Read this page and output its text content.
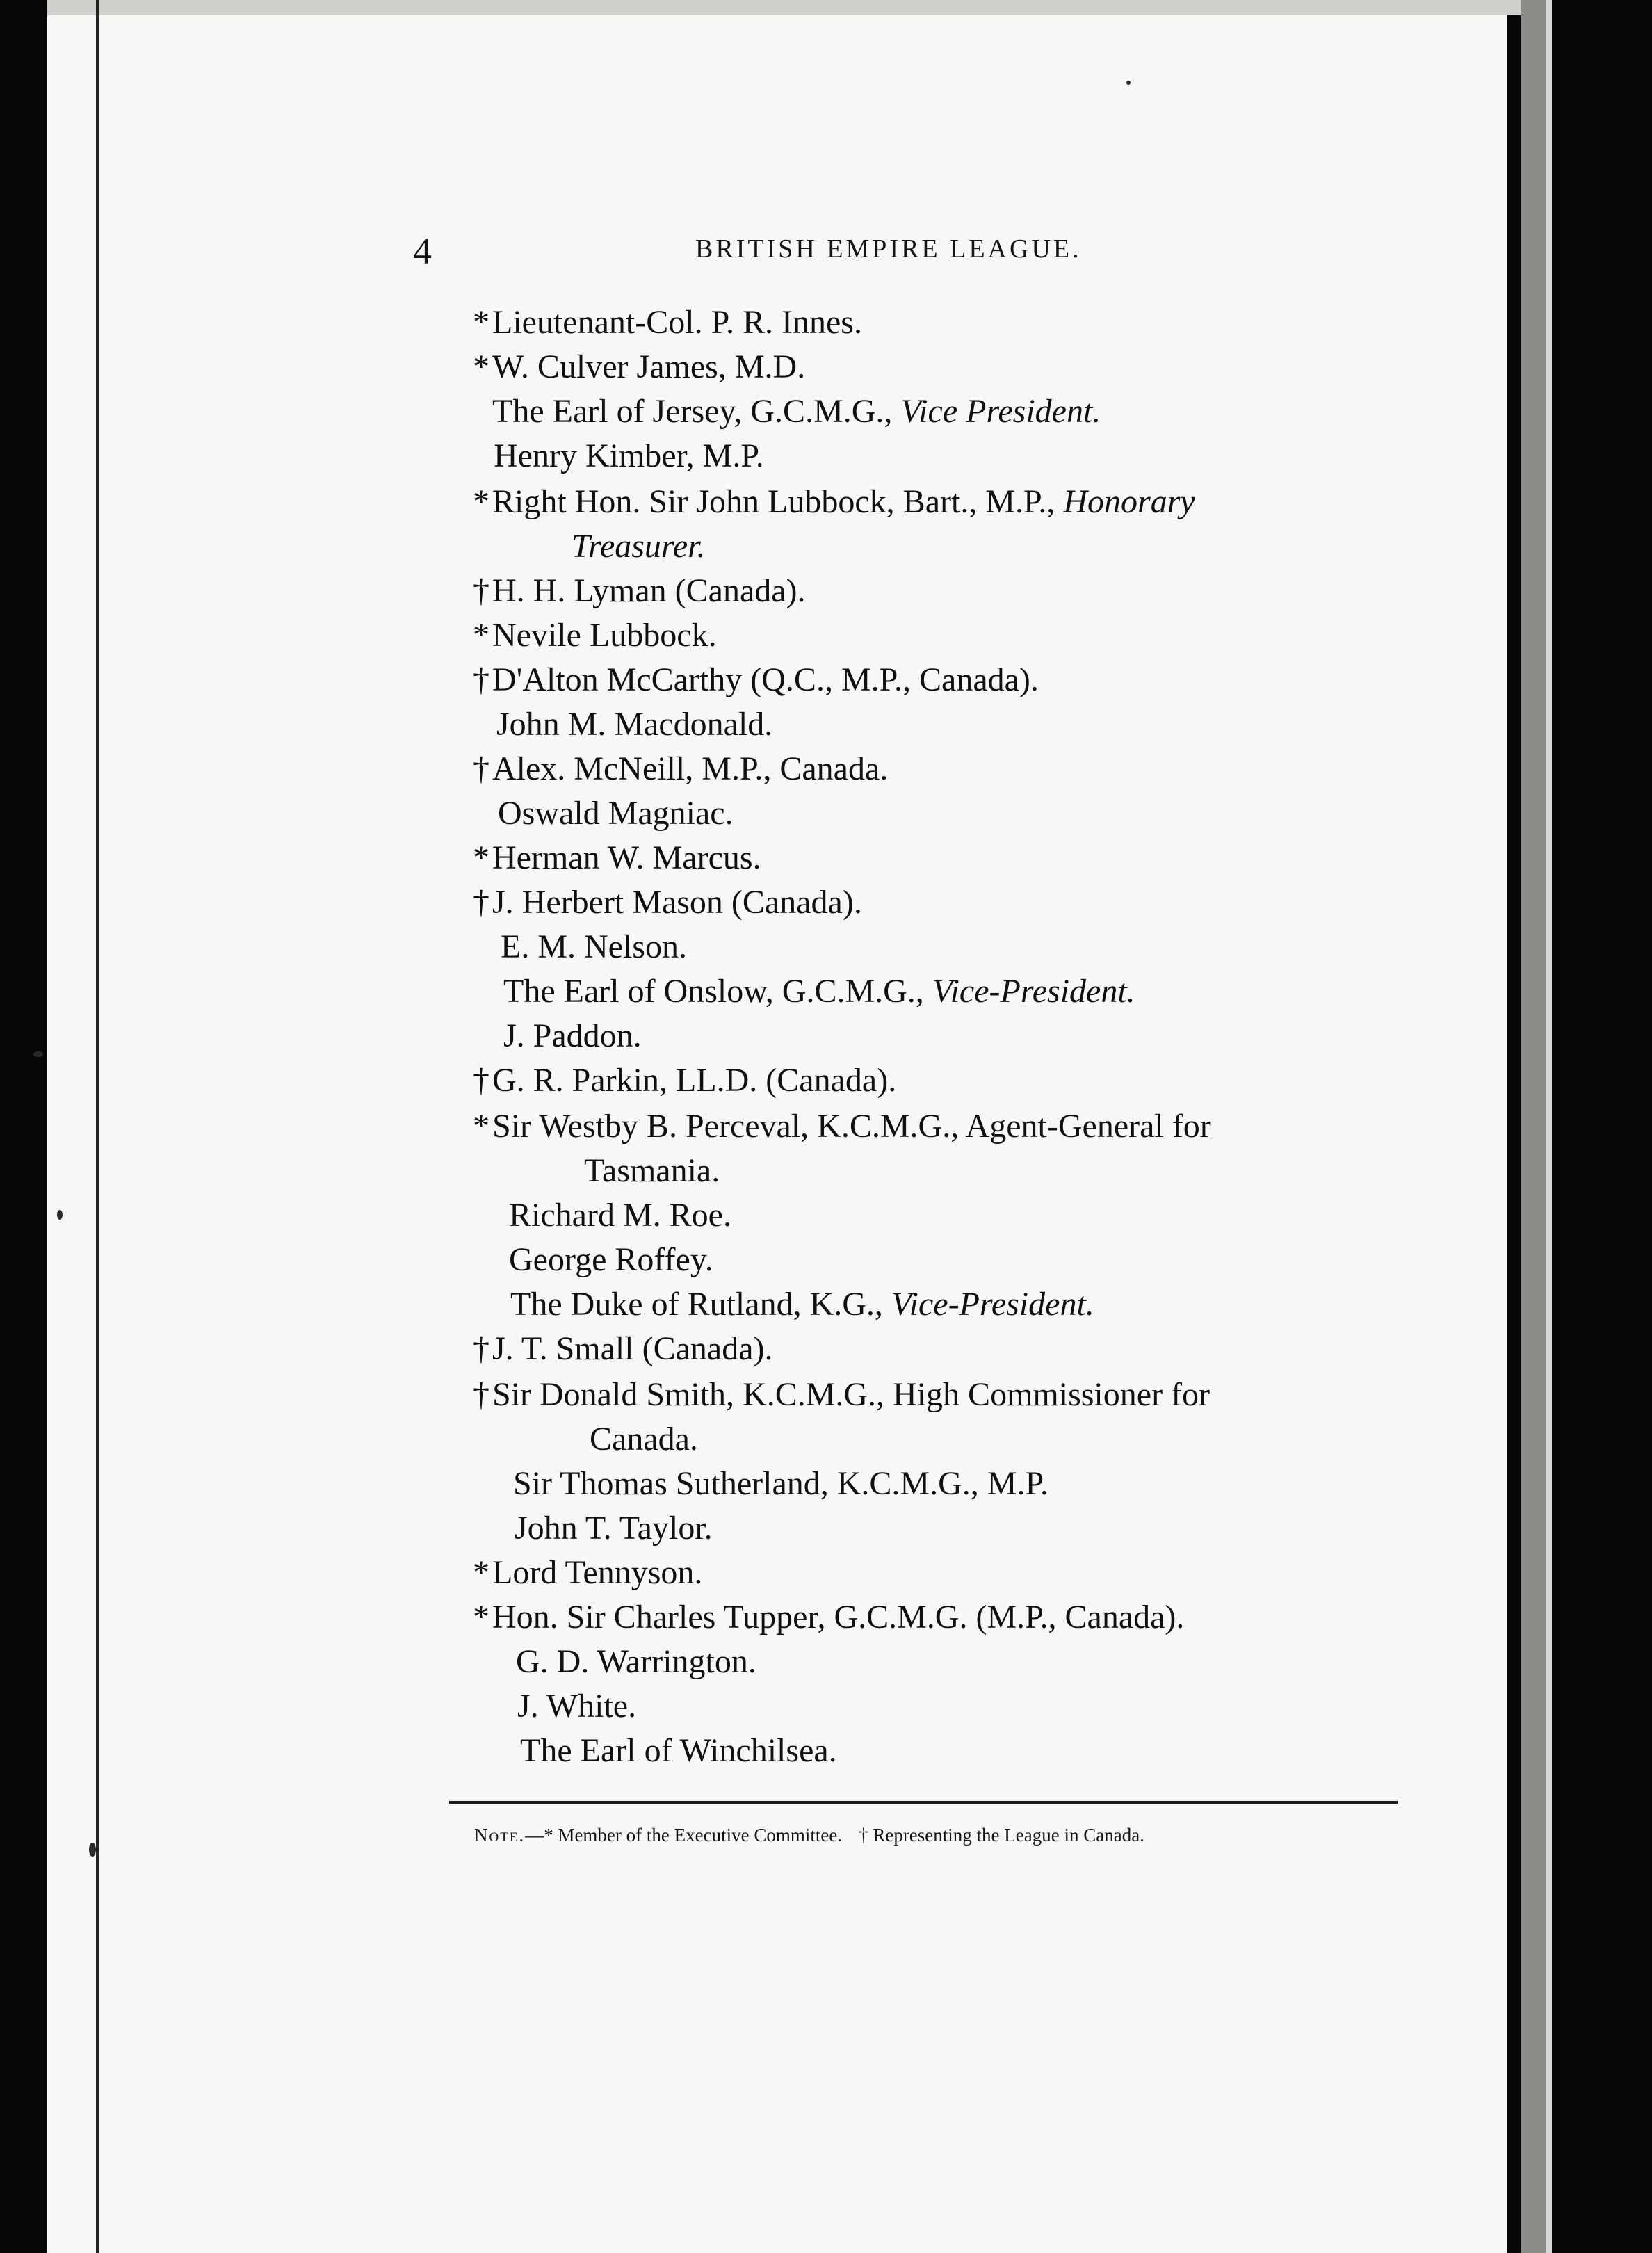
4	BRITISH EMPIRE LEAGUE.
*Lieutenant-Col. P. R. Innes.
*W. Culver James, M.D.
The Earl of Jersey, G.C.M.G., Vice President.
Henry Kimber, M.P.
*Right Hon. Sir John Lubbock, Bart., M.P., Honorary
Treasurer.
†H. H. Lyman (Canada).
*Nevile Lubbock.
†D'Alton McCarthy (Q.C., M.P., Canada).
John M. Macdonald.
†Alex. McNeill, M.P., Canada.
Oswald Magniac.
*Herman W. Marcus.
†J. Herbert Mason (Canada).
E. M. Nelson.
The Earl of Onslow, G.C.M.G., Vice-President.
J. Paddon.
†G. R. Parkin, LL.D. (Canada).
*Sir Westby B. Perceval, K.C.M.G., Agent-General for
Tasmania.
Richard M. Roe.
George Roffey.
The Duke of Rutland, K.G., Vice-President.
†J. T. Small (Canada).
†Sir Donald Smith, K.C.M.G., High Commissioner for
Canada.
Sir Thomas Sutherland, K.C.M.G., M.P.
John T. Taylor.
*Lord Tennyson.
*Hon. Sir Charles Tupper, G.C.M.G. (M.P., Canada).
G. D. Warrington.
J. White.
The Earl of Winchilsea.
Note.—* Member of the Executive Committee. † Representing the League in Canada.
